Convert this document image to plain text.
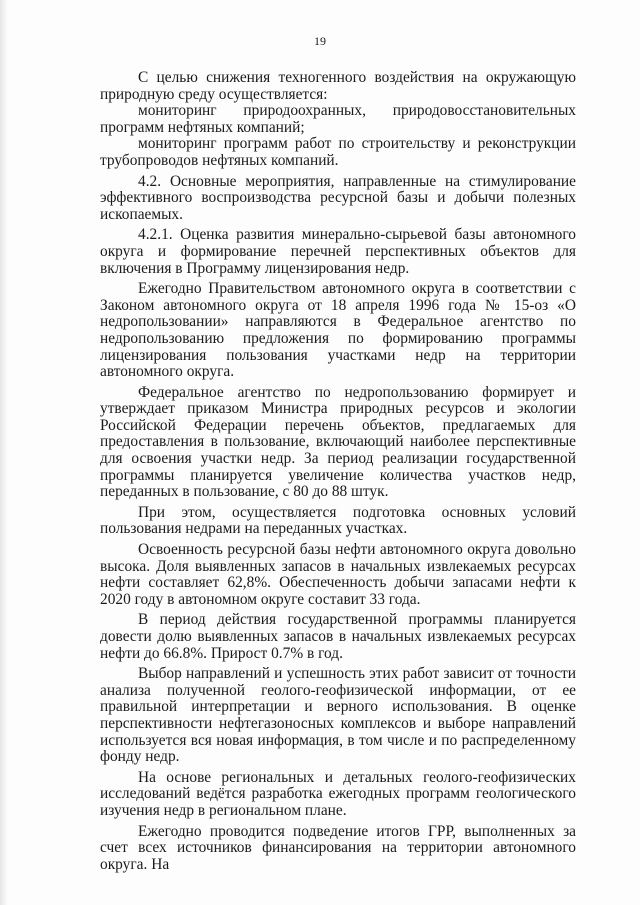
19

С целью снижения техногенного воздействия на окружающую природную среду осуществляется:

мониторинг природоохранных, природовосстановительных программ нефтяных компаний;

мониторинг программ работ по строительству и реконструкции трубопроводов нефтяных компаний.

4.2. Основные мероприятия, направленные на стимулирование эффективного воспроизводства ресурсной базы и добычи полезных ископаемых.

4.2.1. Оценка развития минерально-сырьевой базы автономного округа и формирование перечней перспективных объектов для включения в Программу лицензирования недр.

Ежегодно Правительством автономного округа в соответствии с Законом автономного округа от 18 апреля 1996 года № 15-оз «О недропользовании» направляются в Федеральное агентство по недропользованию предложения по формированию программы лицензирования пользования участками недр на территории автономного округа.

Федеральное агентство по недропользованию формирует и утверждает приказом Министра природных ресурсов и экологии Российской Федерации перечень объектов, предлагаемых для предоставления в пользование, включающий наиболее перспективные для освоения участки недр. За период реализации государственной программы планируется увеличение количества участков недр, переданных в пользование, с 80 до 88 штук.

При этом, осуществляется подготовка основных условий пользования недрами на переданных участках.

Освоенность ресурсной базы нефти автономного округа довольно высока. Доля выявленных запасов в начальных извлекаемых ресурсах нефти составляет 62,8%. Обеспеченность добычи запасами нефти к 2020 году в автономном округе составит 33 года.

В период действия государственной программы планируется довести долю выявленных запасов в начальных извлекаемых ресурсах нефти до 66.8%. Прирост 0.7% в год.

Выбор направлений и успешность этих работ зависит от точности анализа полученной геолого-геофизической информации, от ее правильной интерпретации и верного использования. В оценке перспективности нефтегазоносных комплексов и выборе направлений используется вся новая информация, в том числе и по распределенному фонду недр.

На основе региональных и детальных геолого-геофизических исследований ведётся разработка ежегодных программ геологического изучения недр в региональном плане.

Ежегодно проводится подведение итогов ГРР, выполненных за счет всех источников финансирования на территории автономного округа. На
